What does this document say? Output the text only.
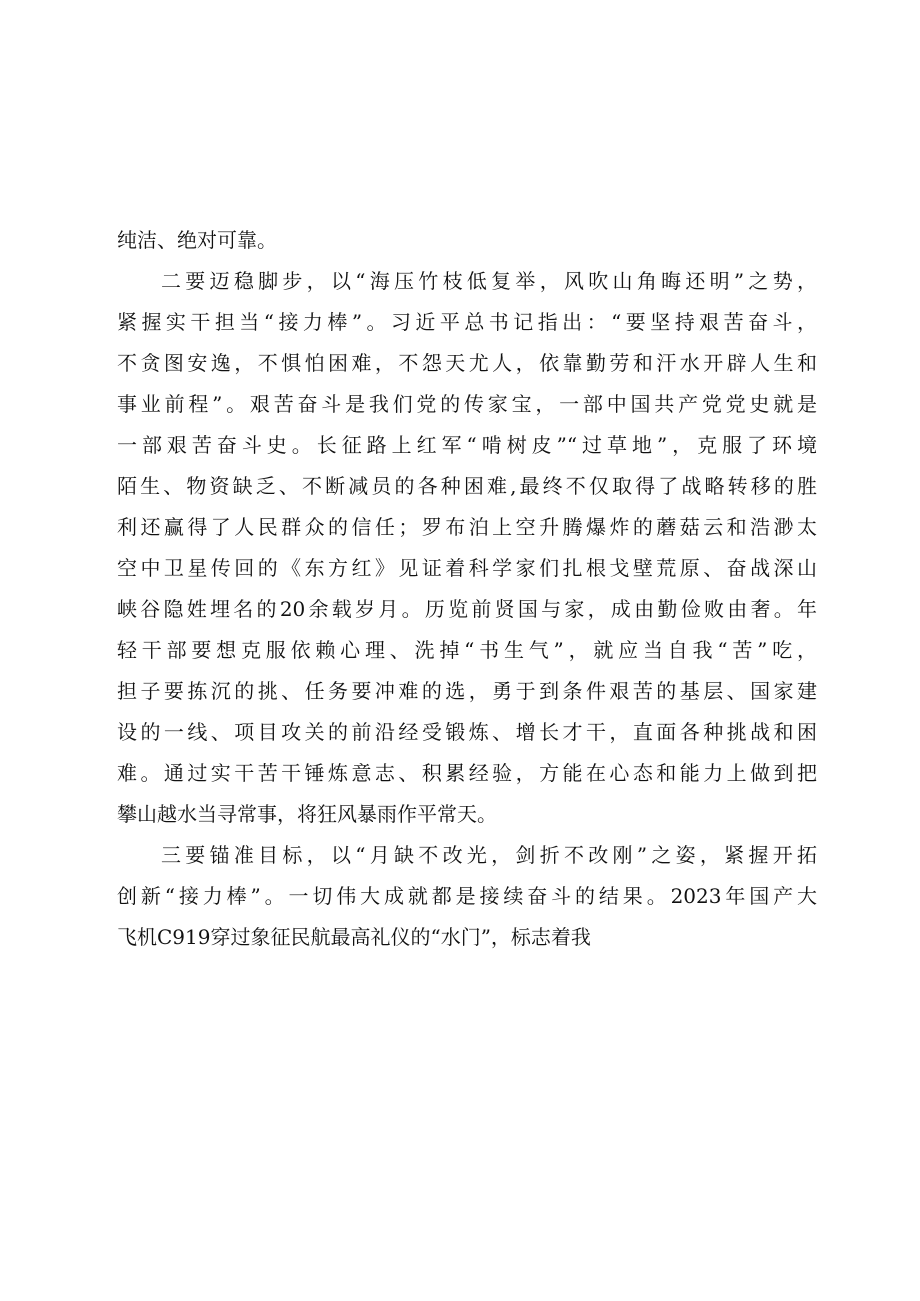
纯洁、绝对可靠。
二要迈稳脚步，以“海压竹枝低复举，风吹山角晦还明”之势，
紧握实干担当“接力棒”。习近平总书记指出：“要坚持艰苦奋斗，
不贪图安逸，不惧怕困难，不怨天尤人，依靠勤劳和汗水开辟人生和
事业前程”。艰苦奋斗是我们党的传家宝，一部中国共产党党史就是
一部艰苦奋斗史。长征路上红军“啃树皮”“过草地”，克服了环境
陌生、物资缺乏、不断减员的各种困难,最终不仅取得了战略转移的胜
利还赢得了人民群众的信任；罗布泊上空升腾爆炸的蘑菇云和浩渺太
空中卫星传回的《东方红》见证着科学家们扎根戈壁荒原、奋战深山
峡谷隐姓埋名的20余载岁月。历览前贤国与家，成由勤俭败由奢。年
轻干部要想克服依赖心理、洗掉“书生气”，就应当自我“苦”吃，
担子要拣沉的挑、任务要冲难的选，勇于到条件艰苦的基层、国家建
设的一线、项目攻关的前沿经受锻炼、增长才干，直面各种挑战和困
难。通过实干苦干锤炼意志、积累经验，方能在心态和能力上做到把
攀山越水当寻常事，将狂风暴雨作平常天。
三要锚准目标，以“月缺不改光，剑折不改刚”之姿，紧握开拓
创新“接力棒”。一切伟大成就都是接续奋斗的结果。2023年国产大
飞机C919穿过象征民航最高礼仪的“水门”，标志着我
